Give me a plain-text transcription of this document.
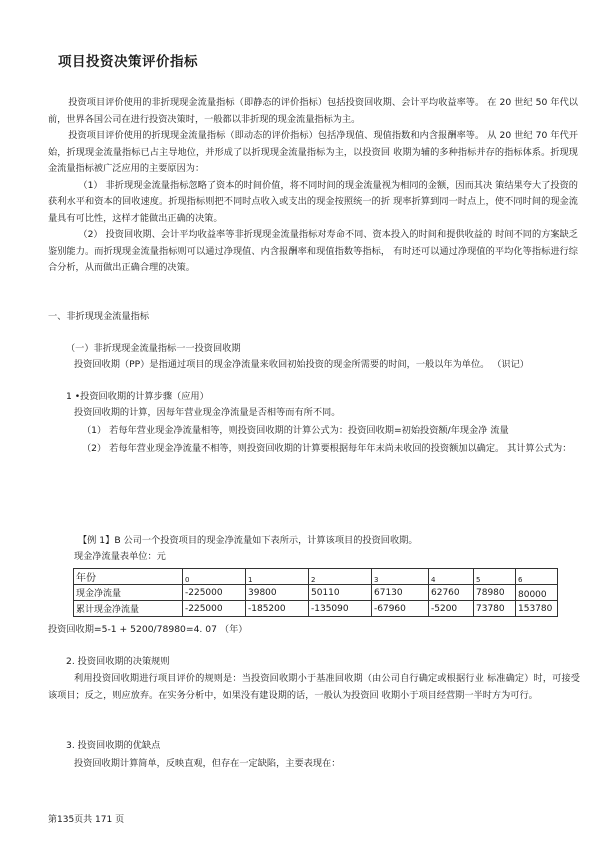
项目投资决策评价指标

投资项目评价使用的非折现现金流量指标（即静态的评价指标）包括投资回收期、会计平均收益率等。 在 20 世纪 50 年代以前，世界各国公司在进行投资决策时，一般都以非折现的现金流量指标为主。

投资项目评价使用的折现现金流量指标（即动态的评价指标）包括净现值、现值指数和内含报酬率等。 从 20 世纪 70 年代开始，折现现金流量指标已占主导地位，并形成了以折现现金流量指标为主，以投资回 收期为辅的多种指标并存的指标体系。折现现金流量指标被广泛应用的主要原因为：

（1） 非折现现金流量指标忽略了资本的时间价值，将不同时间的现金流量视为相同的金额，因而其决 策结果夸大了投资的获利水平和资本的回收速度。折现指标则把不同时点收入或支出的现金按照统一的折 现率折算到同一时点上，使不同时间的现金流量具有可比性，这样才能做出正确的决策。

（2） 投资回收期、会计平均收益率等非折现现金流量指标对寿命不同、资本投入的时间和提供收益的 时间不同的方案缺乏鉴别能力。而折现现金流量指标则可以通过净现值、内含报酬率和现值指数等指标， 有时还可以通过净现值的平均化等指标进行综合分析，从而做出正确合理的决策。

一、非折现现金流量指标
（一）非折现现金流量指标一一投资回收期
投资回收期（PP）是指通过项目的现金净流量来收回初始投资的现金所需要的时间，一般以年为单位。 （识记）
1 •投资回收期的计算步骤（应用）
投资回收期的计算，因每年营业现金净流量是否相等而有所不同。
（1） 若每年营业现金净流量相等，则投资回收期的计算公式为：投资回收期=初始投资额/年现金净 流量
（2） 若每年营业现金净流量不相等，则投资回收期的计算要根据每年年末尚未收回的投资额加以确定。 其计算公式为：
【例 1】B 公司一个投资项目的现金净流量如下表所示，计算该项目的投资回收期。
现金净流量表单位：元
年份	0	1	2	3	4	5	6
现金净流量	-225000	39800	50110	67130	62760	78980	80000
累计现金净流量	-225000	-185200	-135090	-67960	-5200	73780	153780
投资回收期=5-1 + 5200/78980=4. 07 （年）
2. 投资回收期的决策规则
利用投资回收期进行项目评价的规则是：当投资回收期小于基准回收期（由公司自行确定或根据行业 标准确定）时，可接受该项目；反之，则应放弃。在实务分析中，如果没有建设期的话，一般认为投资回 收期小于项目经营期一半时方为可行。
3. 投资回收期的优缺点
投资回收期计算简单，反映直观，但存在一定缺陷，主要表现在：
第135页共 171 页
